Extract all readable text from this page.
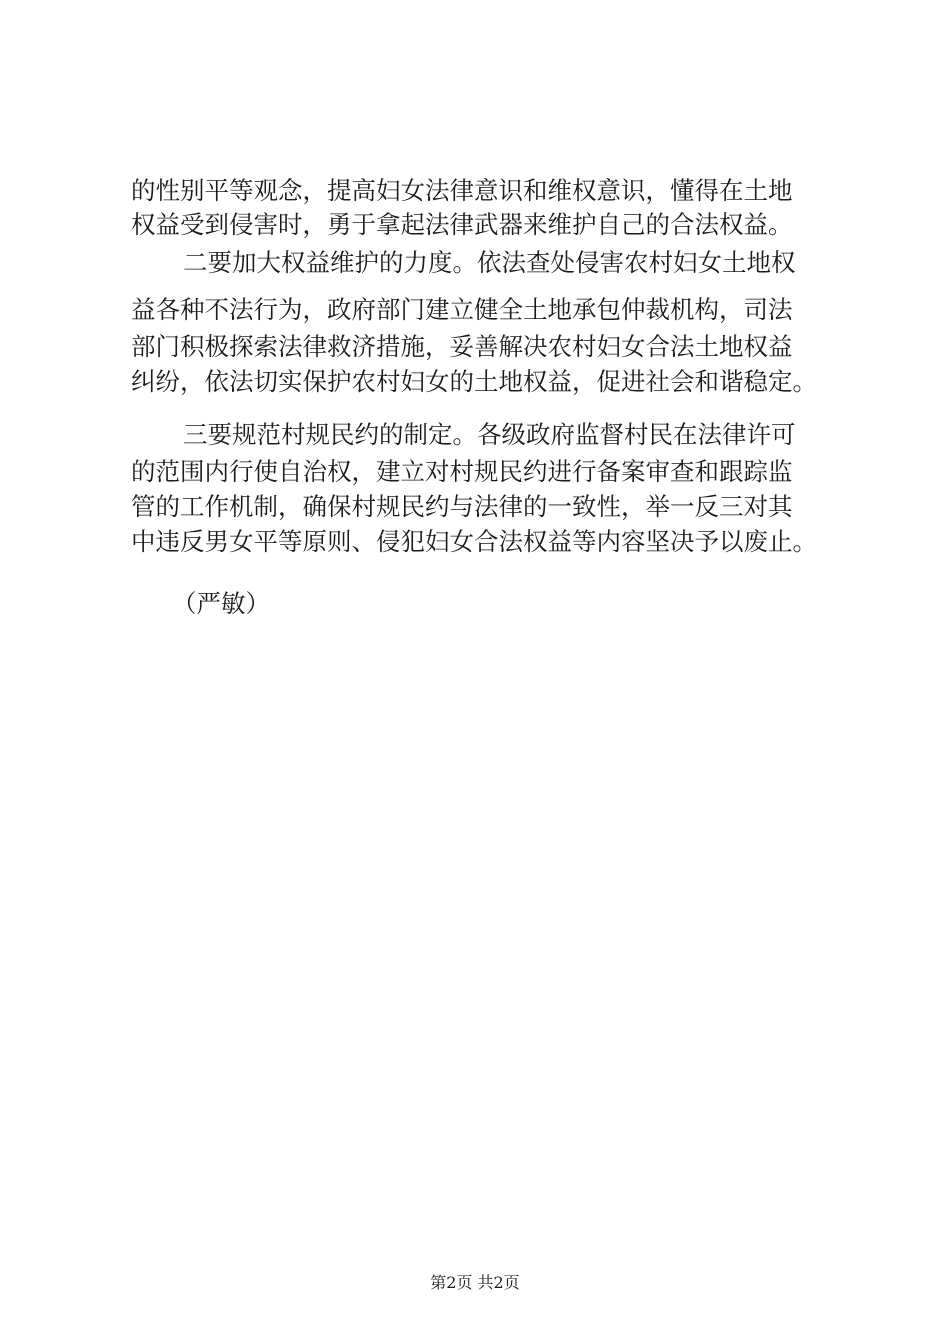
的性别平等观念，提高妇女法律意识和维权意识，懂得在土地
权益受到侵害时，勇于拿起法律武器来维护自己的合法权益。
二要加大权益维护的力度。依法查处侵害农村妇女土地权
益各种不法行为，政府部门建立健全土地承包仲裁机构，司法
部门积极探索法律救济措施，妥善解决农村妇女合法土地权益
纠纷，依法切实保护农村妇女的土地权益，促进社会和谐稳定。
三要规范村规民约的制定。各级政府监督村民在法律许可
的范围内行使自治权，建立对村规民约进行备案审查和跟踪监
管的工作机制，确保村规民约与法律的一致性，举一反三对其
中违反男女平等原则、侵犯妇女合法权益等内容坚决予以废止。
（严敏）
第2页 共2页
